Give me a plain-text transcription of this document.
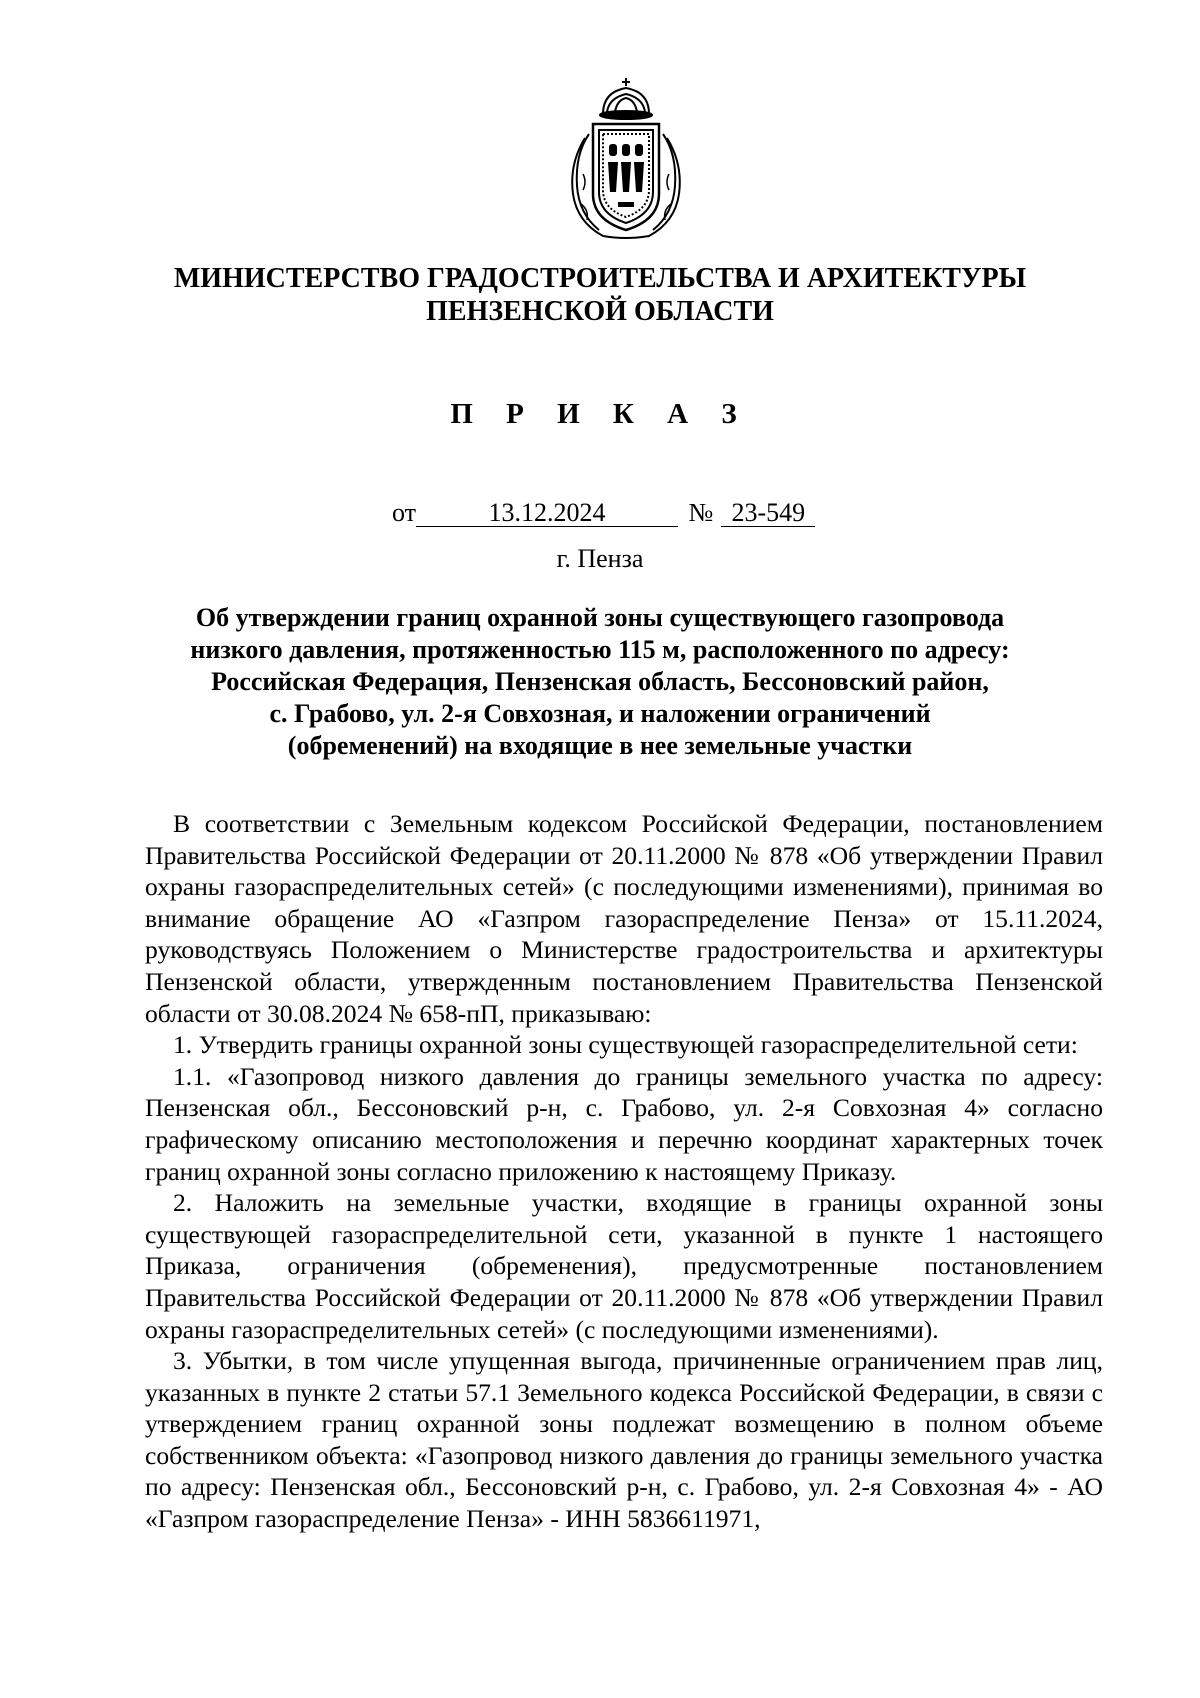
МИНИСТЕРСТВО ГРАДОСТРОИТЕЛЬСТВА И АРХИТЕКТУРЫ
ПЕНЗЕНСКОЙ ОБЛАСТИ
П Р И К А З
от	13.12.2024	№ 23-549
г. Пенза
Об утверждении границ охранной зоны существующего газопровода
низкого давления, протяженностью 115 м, расположенного по адресу:
Российская Федерация, Пензенская область, Бессоновский район,
с. Грабово, ул. 2-я Совхозная, и наложении ограничений
(обременений) на входящие в нее земельные участки

В соответствии с Земельным кодексом Российской Федерации, постановлением Правительства Российской Федерации от 20.11.2000 № 878 «Об утверждении Правил охраны газораспределительных сетей» (с последующими изменениями), принимая во внимание обращение АО «Газпром газораспределение Пенза» от 15.11.2024, руководствуясь Положением о Министерстве градостроительства и архитектуры Пензенской области, утвержденным постановлением Правительства Пензенской области от 30.08.2024 № 658-пП, приказываю:

1. Утвердить границы охранной зоны существующей газораспределительной сети:

1.1. «Газопровод низкого давления до границы земельного участка по адресу: Пензенская обл., Бессоновский р-н, с. Грабово, ул. 2-я Совхозная 4» согласно графическому описанию местоположения и перечню координат характерных точек границ охранной зоны согласно приложению к настоящему Приказу.

2. Наложить на земельные участки, входящие в границы охранной зоны существующей газораспределительной сети, указанной в пункте 1 настоящего Приказа, ограничения (обременения), предусмотренные постановлением Правительства Российской Федерации от 20.11.2000 № 878 «Об утверждении Правил охраны газораспределительных сетей» (с последующими изменениями).

3. Убытки, в том числе упущенная выгода, причиненные ограничением прав лиц, указанных в пункте 2 статьи 57.1 Земельного кодекса Российской Федерации, в связи с утверждением границ охранной зоны подлежат возмещению в полном объеме собственником объекта: «Газопровод низкого давления до границы земельного участка по адресу: Пензенская обл., Бессоновский р-н, с. Грабово, ул. 2-я Совхозная 4» - АО «Газпром газораспределение Пенза» - ИНН 5836611971,
